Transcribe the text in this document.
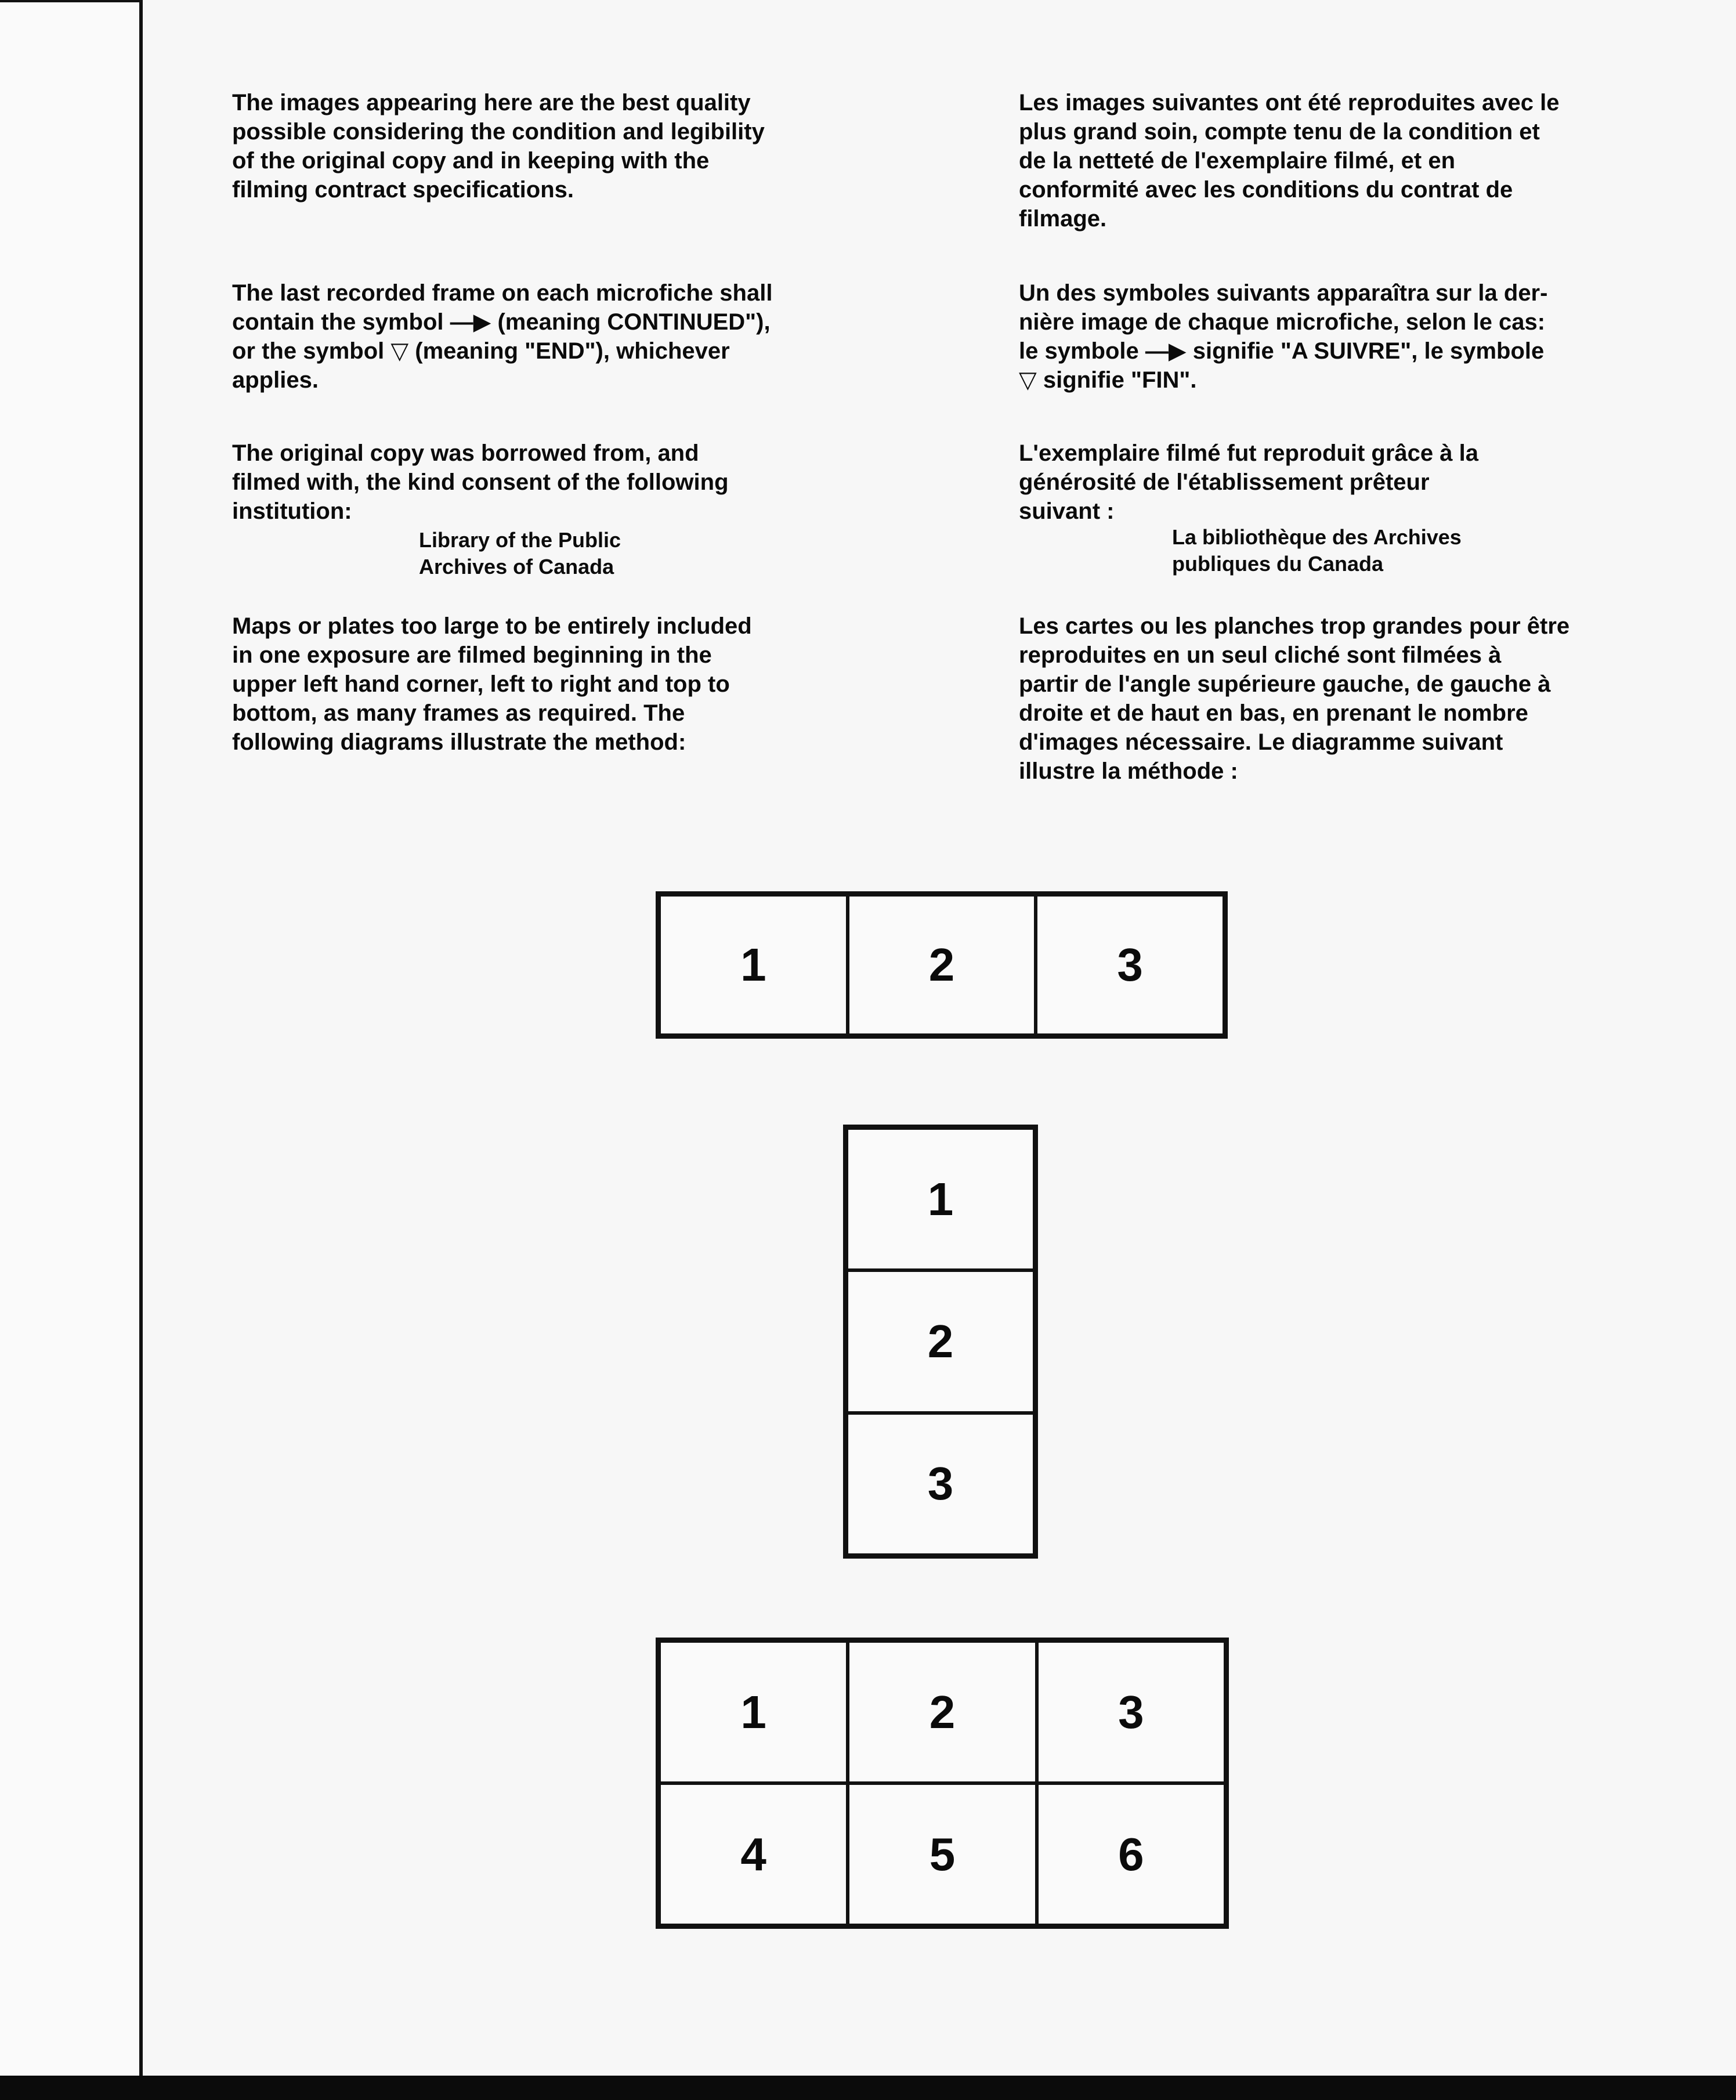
The images appearing here are the best quality
possible considering the condition and legibility
of the original copy and in keeping with the
filming contract specifications.

The last recorded frame on each microfiche shall
contain the symbol —▶ (meaning CONTINUED"),
or the symbol ▽ (meaning "END"), whichever
applies.

The original copy was borrowed from, and
filmed with, the kind consent of the following
institution:

Library of the Public
Archives of Canada

Maps or plates too large to be entirely included
in one exposure are filmed beginning in the
upper left hand corner, left to right and top to
bottom, as many frames as required. The
following diagrams illustrate the method:

Les images suivantes ont été reproduites avec le
plus grand soin, compte tenu de la condition et
de la netteté de l'exemplaire filmé, et en
conformité avec les conditions du contrat de
filmage.

Un des symboles suivants apparaîtra sur la der-
nière image de chaque microfiche, selon le cas:
le symbole —▶ signifie "A SUIVRE", le symbole
▽ signifie "FIN".

L'exemplaire filmé fut reproduit grâce à la
générosité de l'établissement prêteur
suivant :

La bibliothèque des Archives
publiques du Canada

Les cartes ou les planches trop grandes pour être
reproduites en un seul cliché sont filmées à
partir de l'angle supérieure gauche, de gauche à
droite et de haut en bas, en prenant le nombre
d'images nécessaire. Le diagramme suivant
illustre la méthode :

1	2	3
1
2
3
1	2	3
4	5	6
